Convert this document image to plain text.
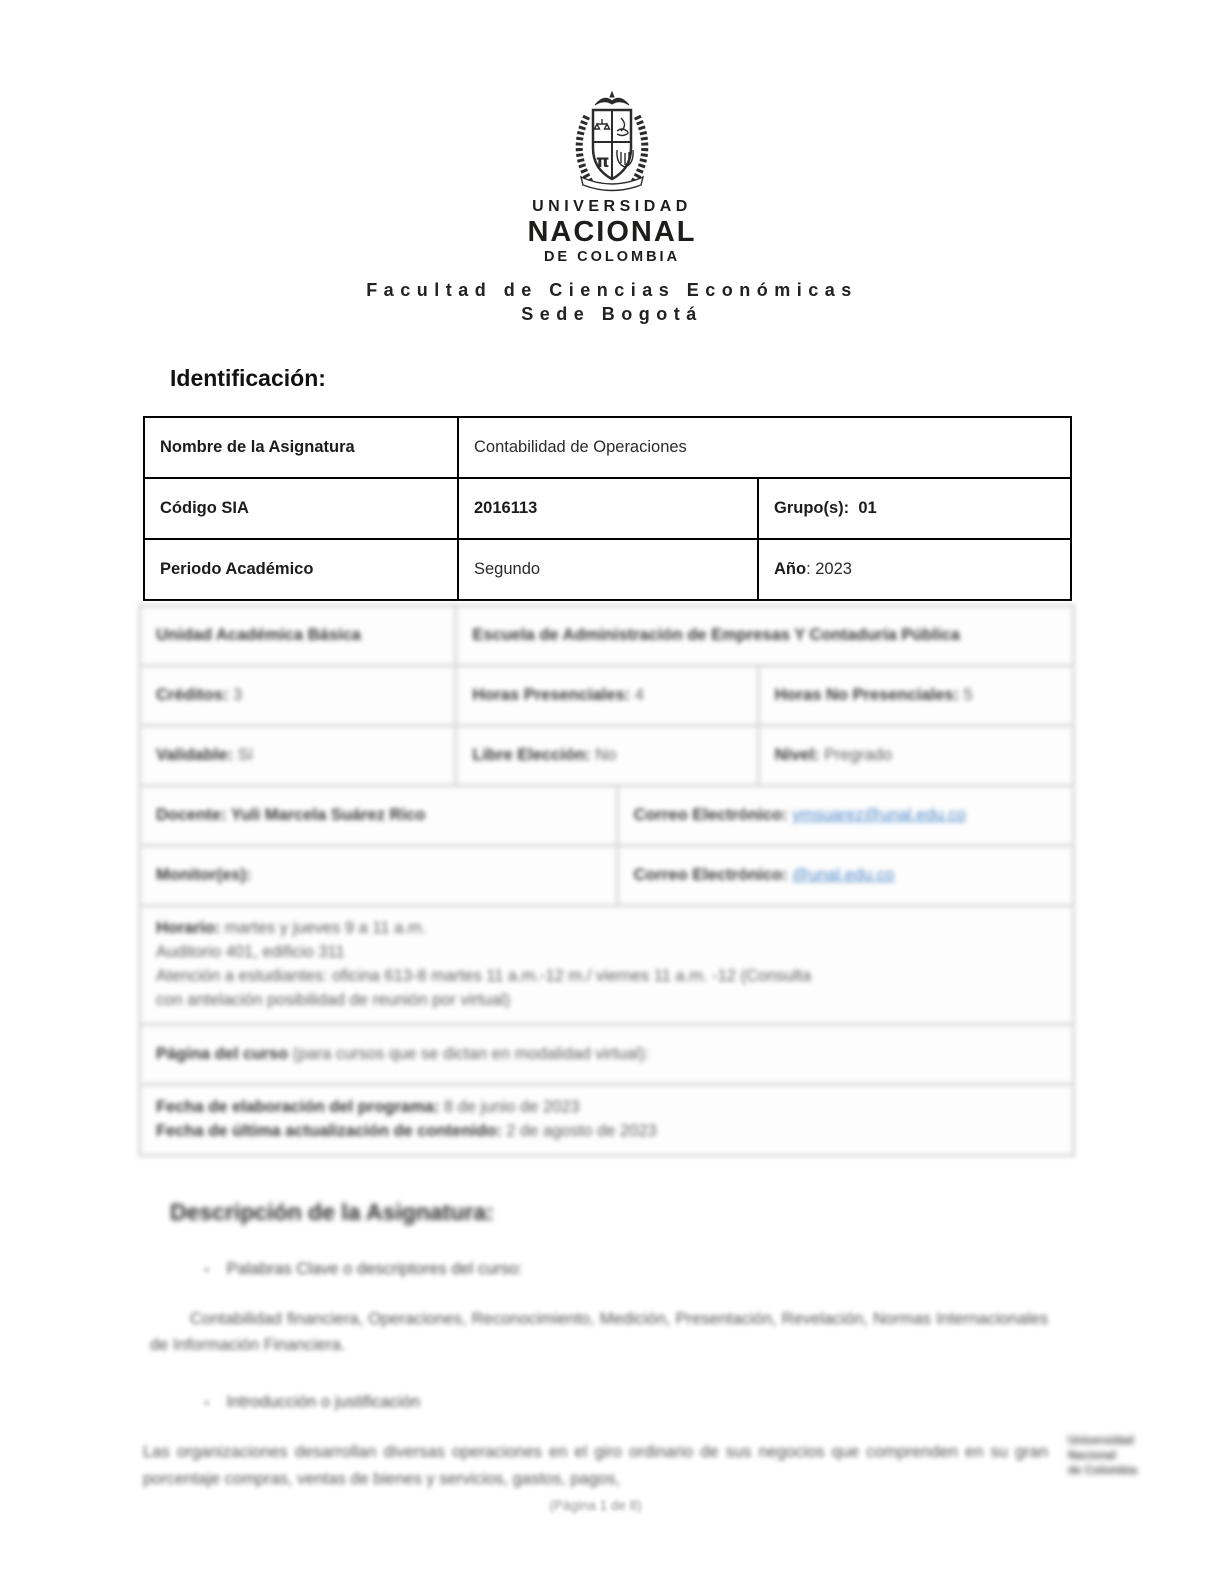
π
UNIVERSIDAD
NACIONAL
DE COLOMBIA
Facultad de Ciencias Económicas
Sede Bogotá
Identificación:
Nombre de la Asignatura	Contabilidad de Operaciones	
Código SIA	2016113	Grupo(s): 01
Periodo Académico	Segundo	Año: 2023
Unidad Académica Básica	Escuela de Administración de Empresas Y Contaduría Pública	
Créditos: 3	Horas Presenciales: 4	Horas No Presenciales: 5
Validable: Sí	Libre Elección: No	Nivel: Pregrado
Docente: Yuli Marcela Suárez Rico	Correo Electrónico: ymsuarez@unal.edu.co
Monitor(es):	Correo Electrónico: @unal.edu.co
Horario: martes y jueves 9 a 11 a.m.
Auditorio 401, edificio 311
Atención a estudiantes: oficina 613-8 martes 11 a.m.-12 m./ viernes 11 a.m. -12 (Consulta
con antelación posibilidad de reunión por virtual)

Página del curso (para cursos que se dictan en modalidad virtual):

Fecha de elaboración del programa: 8 de junio de 2023
Fecha de última actualización de contenido: 2 de agosto de 2023
Descripción de la Asignatura:
▪ Palabras Clave o descriptores del curso:
Contabilidad financiera, Operaciones, Reconocimiento, Medición, Presentación, Revelación, Normas Internacionales de Información Financiera.
▪ Introducción o justificación
Las organizaciones desarrollan diversas operaciones en el giro ordinario de sus negocios que comprenden en su gran porcentaje compras, ventas de bienes y servicios, gastos, pagos,
(Página 1 de 8)
Universidad
Nacional
de Colombia
